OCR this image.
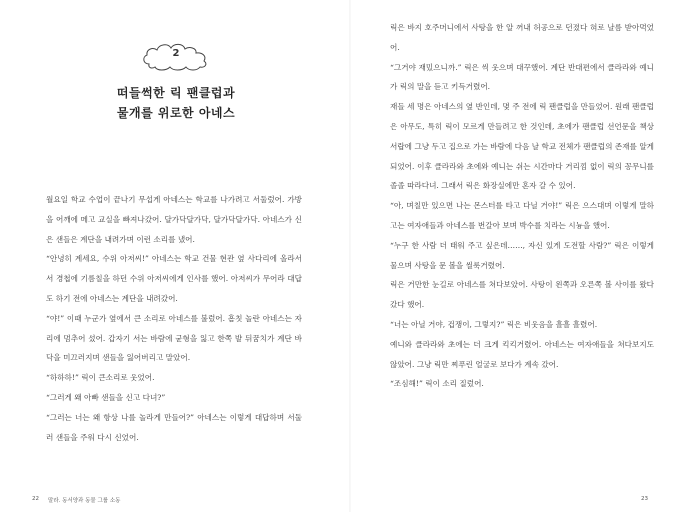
2
떠들썩한 릭 팬클럽과
물개를 위로한 아네스

월요일 학교 수업이 끝나기 무섭게 아네스는 학교를 나가려고 서둘렀어. 가방을 어깨에 메고 교실을 빠져나갔어. 달가닥달가닥, 달가닥달가닥. 아네스가 신은 샌들은 계단을 내려가며 이런 소리를 냈어.

“안녕히 계세요, 수위 아저씨!” 아네스는 학교 건물 현관 옆 사다리에 올라서서 경첩에 기름칠을 하던 수위 아저씨에게 인사를 했어. 아저씨가 무어라 대답도 하기 전에 아네스는 계단을 내려갔어.

“야!” 이때 누군가 옆에서 큰 소리로 아네스를 불렀어. 흠칫 놀란 아네스는 자리에 멈추어 섰어. 갑자기 서는 바람에 균형을 잃고 한쪽 발 뒤꿈치가 계단 바닥을 미끄러지며 샌들을 잃어버리고 말았어.

“하하하!” 릭이 큰소리로 웃었어.

“그러게 왜 아빠 샌들을 신고 다녀?”

“그러는 너는 왜 항상 나를 놀라게 만들어?” 아네스는 이렇게 대답하며 서둘러 샌들을 주워 다시 신었어.

22 말라. 동서양과 동물 그룹 소동

릭은 바지 호주머니에서 사탕을 한 알 꺼내 허공으로 던졌다 혀로 날름 받아먹었어.

“그거야 재밌으니까.” 릭은 씩 웃으며 대꾸했어. 계단 반대편에서 클라라와 예니가 릭의 말을 듣고 키득거렸어.

재들 세 명은 아네스의 옆 반인데, 몇 주 전에 릭 팬클럽을 만들었어. 원래 팬클럽은 아무도, 특히 릭이 모르게 만들려고 한 것인데, 초에가 팬클럽 선언문을 책상 서랍에 그냥 두고 집으로 가는 바람에 다음 날 학교 전체가 팬클럽의 존재를 알게 되었어. 이후 클라라와 초에와 예니는 쉬는 시간마다 거리낌 없이 릭의 꽁무니를 졸졸 따라다녀. 그래서 릭은 화장실에만 혼자 갈 수 있어.

“아, 며칠만 있으면 나는 몬스터를 타고 다닐 거야!” 릭은 으스대며 이렇게 말하고는 여자애들과 아네스를 번갈아 보며 박수를 치라는 시늉을 했어.

“누구 한 사람 더 태워 주고 싶은데……, 자신 있게 도전할 사람?” 릭은 이렇게 물으며 사탕을 문 볼을 씰룩거렸어.

릭은 거만한 눈길로 아네스를 쳐다보았어. 사탕이 왼쪽과 오른쪽 볼 사이를 왔다 갔다 했어.

“너는 아닐 거야, 겁쟁이, 그렇지?” 릭은 비웃음을 흘흘 흘렸어.

예니와 클라라와 초에는 더 크게 킥킥거렸어. 아네스는 여자애들을 쳐다보지도 않았어. 그냥 릭만 찌푸린 얼굴로 보다가 계속 갔어.

“조심해!” 릭이 소리 질렀어.

23
